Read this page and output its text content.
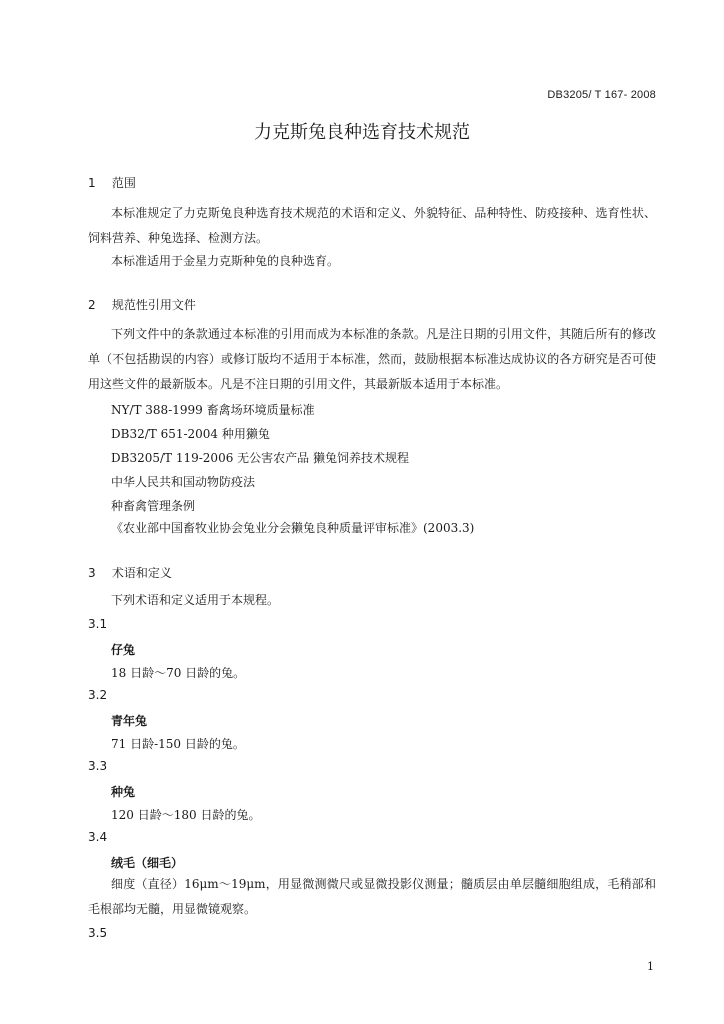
DB3205/ T 167- 2008
力克斯兔良种选育技术规范
1 范围
本标准规定了力克斯兔良种选育技术规范的术语和定义、外貌特征、品种特性、防疫接种、选育性状、饲料营养、种兔选择、检测方法。
本标准适用于金星力克斯种兔的良种选育。
2 规范性引用文件
下列文件中的条款通过本标准的引用而成为本标准的条款。凡是注日期的引用文件，其随后所有的修改单（不包括勘误的内容）或修订版均不适用于本标准，然而，鼓励根据本标准达成协议的各方研究是否可使用这些文件的最新版本。凡是不注日期的引用文件，其最新版本适用于本标准。
NY/T 388-1999 畜禽场环境质量标准
DB32/T 651-2004 种用獭兔
DB3205/T 119-2006 无公害农产品 獭兔饲养技术规程
中华人民共和国动物防疫法
种畜禽管理条例
《农业部中国畜牧业协会兔业分会獭兔良种质量评审标准》(2003.3)
3 术语和定义
下列术语和定义适用于本规程。
3.1
仔兔
18 日龄～70 日龄的兔。
3.2
青年兔
71 日龄-150 日龄的兔。
3.3
种兔
120 日龄～180 日龄的兔。
3.4
绒毛（细毛）
细度（直径）16μm～19μm，用显微测微尺或显微投影仪测量；髓质层由单层髓细胞组成，毛稍部和毛根部均无髓，用显微镜观察。
3.5
1
